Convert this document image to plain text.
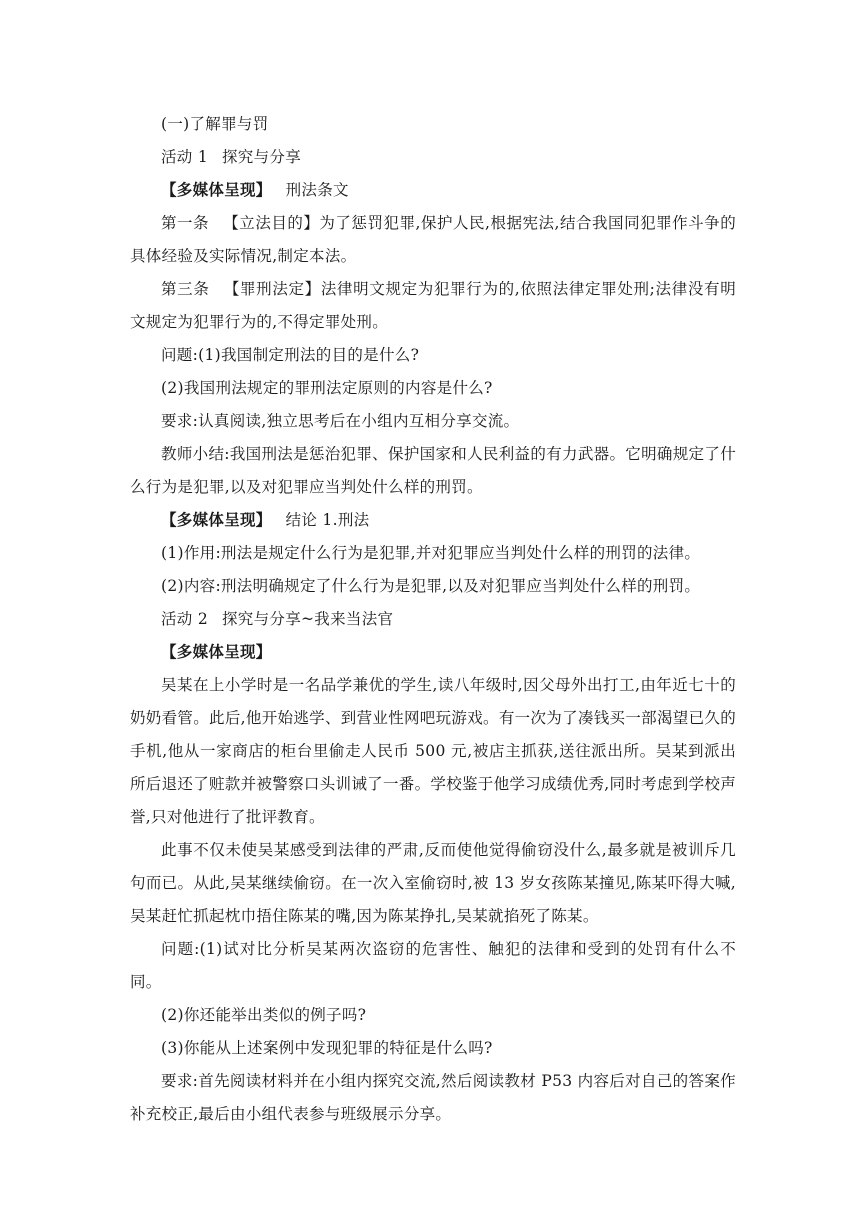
(一)了解罪与罚

活动 1 探究与分享

【多媒体呈现】 刑法条文

第一条 【立法目的】为了惩罚犯罪,保护人民,根据宪法,结合我国同犯罪作斗争的具体经验及实际情况,制定本法。

第三条 【罪刑法定】法律明文规定为犯罪行为的,依照法律定罪处刑;法律没有明文规定为犯罪行为的,不得定罪处刑。

问题:(1)我国制定刑法的目的是什么?

(2)我国刑法规定的罪刑法定原则的内容是什么?

要求:认真阅读,独立思考后在小组内互相分享交流。

教师小结:我国刑法是惩治犯罪、保护国家和人民利益的有力武器。它明确规定了什么行为是犯罪,以及对犯罪应当判处什么样的刑罚。

【多媒体呈现】 结论 1.刑法

(1)作用:刑法是规定什么行为是犯罪,并对犯罪应当判处什么样的刑罚的法律。

(2)内容:刑法明确规定了什么行为是犯罪,以及对犯罪应当判处什么样的刑罚。

活动 2 探究与分享~我来当法官

【多媒体呈现】

吴某在上小学时是一名品学兼优的学生,读八年级时,因父母外出打工,由年近七十的奶奶看管。此后,他开始逃学、到营业性网吧玩游戏。有一次为了凑钱买一部渴望已久的手机,他从一家商店的柜台里偷走人民币 500 元,被店主抓获,送往派出所。吴某到派出所后退还了赃款并被警察口头训诫了一番。学校鉴于他学习成绩优秀,同时考虑到学校声誉,只对他进行了批评教育。

此事不仅未使吴某感受到法律的严肃,反而使他觉得偷窃没什么,最多就是被训斥几句而已。从此,吴某继续偷窃。在一次入室偷窃时,被 13 岁女孩陈某撞见,陈某吓得大喊,吴某赶忙抓起枕巾捂住陈某的嘴,因为陈某挣扎,吴某就掐死了陈某。

问题:(1)试对比分析吴某两次盗窃的危害性、触犯的法律和受到的处罚有什么不同。

(2)你还能举出类似的例子吗?

(3)你能从上述案例中发现犯罪的特征是什么吗?

要求:首先阅读材料并在小组内探究交流,然后阅读教材 P53 内容后对自己的答案作补充校正,最后由小组代表参与班级展示分享。
